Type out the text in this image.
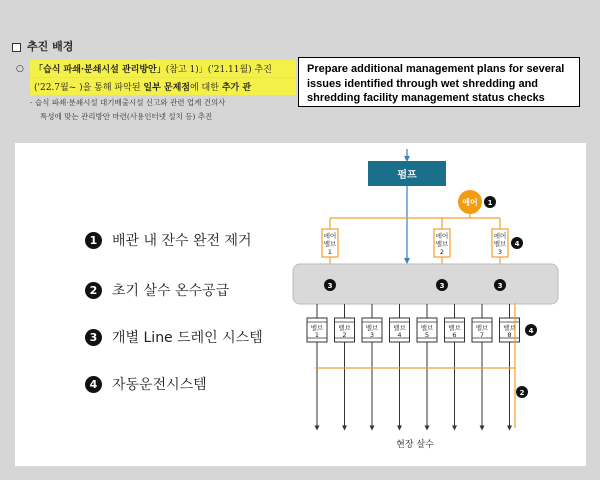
추진 배경
○	「습식 파쇄·분쇄시설 관리방안」(참고 1)」('21.11월) 추진
('22.7월~ )을 통해 파악된 일부 문제점에 대한 추가 관
- 습식 파쇄·분쇄시설 대기배출시설 신고와 관련 업계 건의사
특성에 맞는 관리방안 마련(사용인터넷 설치 등) 추진
Prepare additional management plans for several issues identified through wet shredding and shredding facility management status checks
1 배관 내 잔수 완전 제거
2 초기 살수 온수공급
3 개별 Line 드레인 시스템
4 자동운전시스템
펌프
에어 1
에어
밸브
1
에어
밸브
2
에어
밸브
3
3	3	3
4
밸브
1
밸브
2
밸브
3
밸브
4
밸브
5
밸브
6
밸브
7
밸브
8 4
2
현장 살수
